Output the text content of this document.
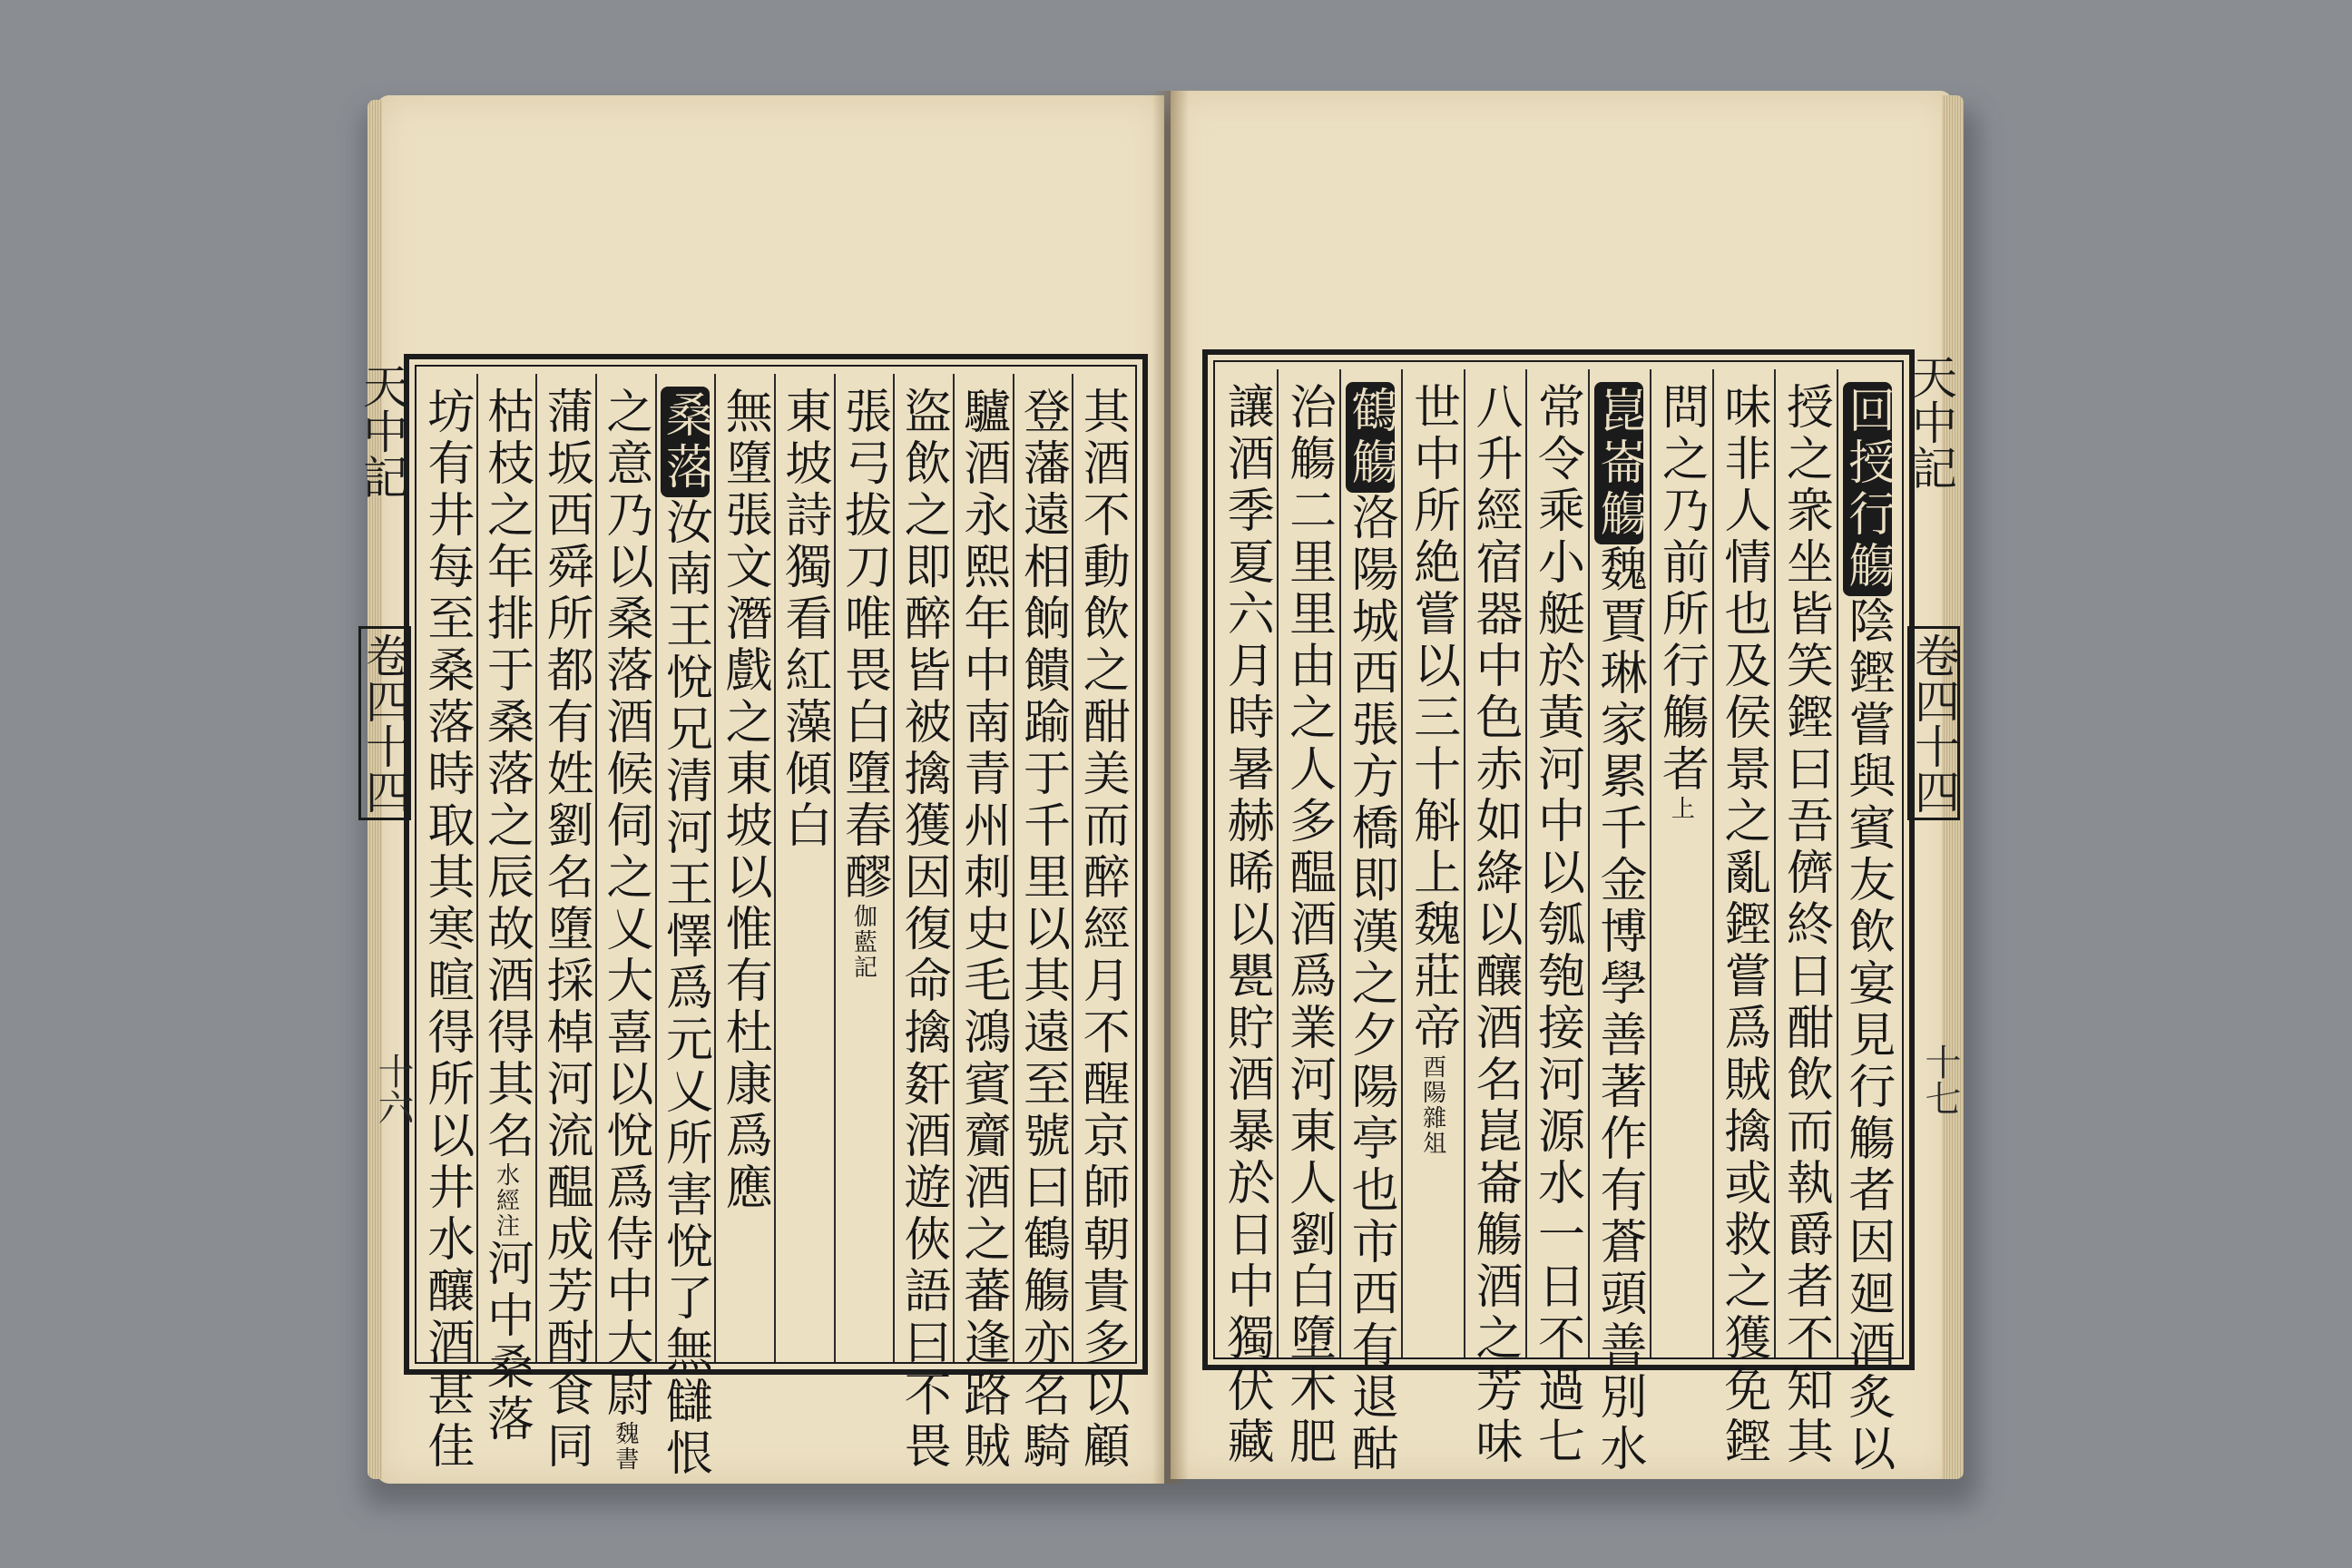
其酒不動飲之酣美而醉經月不醒京師朝貴多以顧
登藩遠相餉饋踰于千里以其遠至號曰鶴觴亦名騎
驢酒永熙年中南青州刺史毛鴻賓齎酒之蕃逢路賊
盜飲之即醉皆被擒獲因復命擒姧酒遊俠語曰不畏
張弓拔刀唯畏白墮春醪伽藍記
東坡詩獨看紅藻傾白
無墮張文潛戲之東坡以惟有杜康爲應
桑落汝南王悅兄清河王懌爲元乂所害悅了無讎恨
之意乃以桑落酒候伺之乂大喜以悅爲侍中大尉魏書
蒲坂西舜所都有姓劉名墮採棹河流醖成芳酎食同
枯枝之年排于桑落之辰故酒得其名水經注河中桑落
坊有井每至桑落時取其寒暄得所以井水釀酒甚佳
天中記
卷四十四
十六
回授行觴陰鏗嘗與賓友飲宴見行觴者因廻酒炙以
授之衆坐皆笑鏗曰吾儕終日酣飲而執爵者不知其
味非人情也及侯景之亂鏗嘗爲賊擒或救之獲免鏗
問之乃前所行觴者上
崑崙觴魏賈琳家累千金博學善著作有蒼頭善別水
常令乘小艇於黃河中以瓠匏接河源水一日不過七
八升經宿器中色赤如絳以釀酒名崑崙觴酒之芳味
世中所絶嘗以三十斛上魏莊帝酉陽雜俎
鶴觴洛陽城西張方橋即漢之夕陽亭也市西有退酤
治觴二里里由之人多醖酒爲業河東人劉白墮木肥
讓酒季夏六月時暑赫晞以甖貯酒暴於日中獨伏藏	天中記
卷四十四
十七
